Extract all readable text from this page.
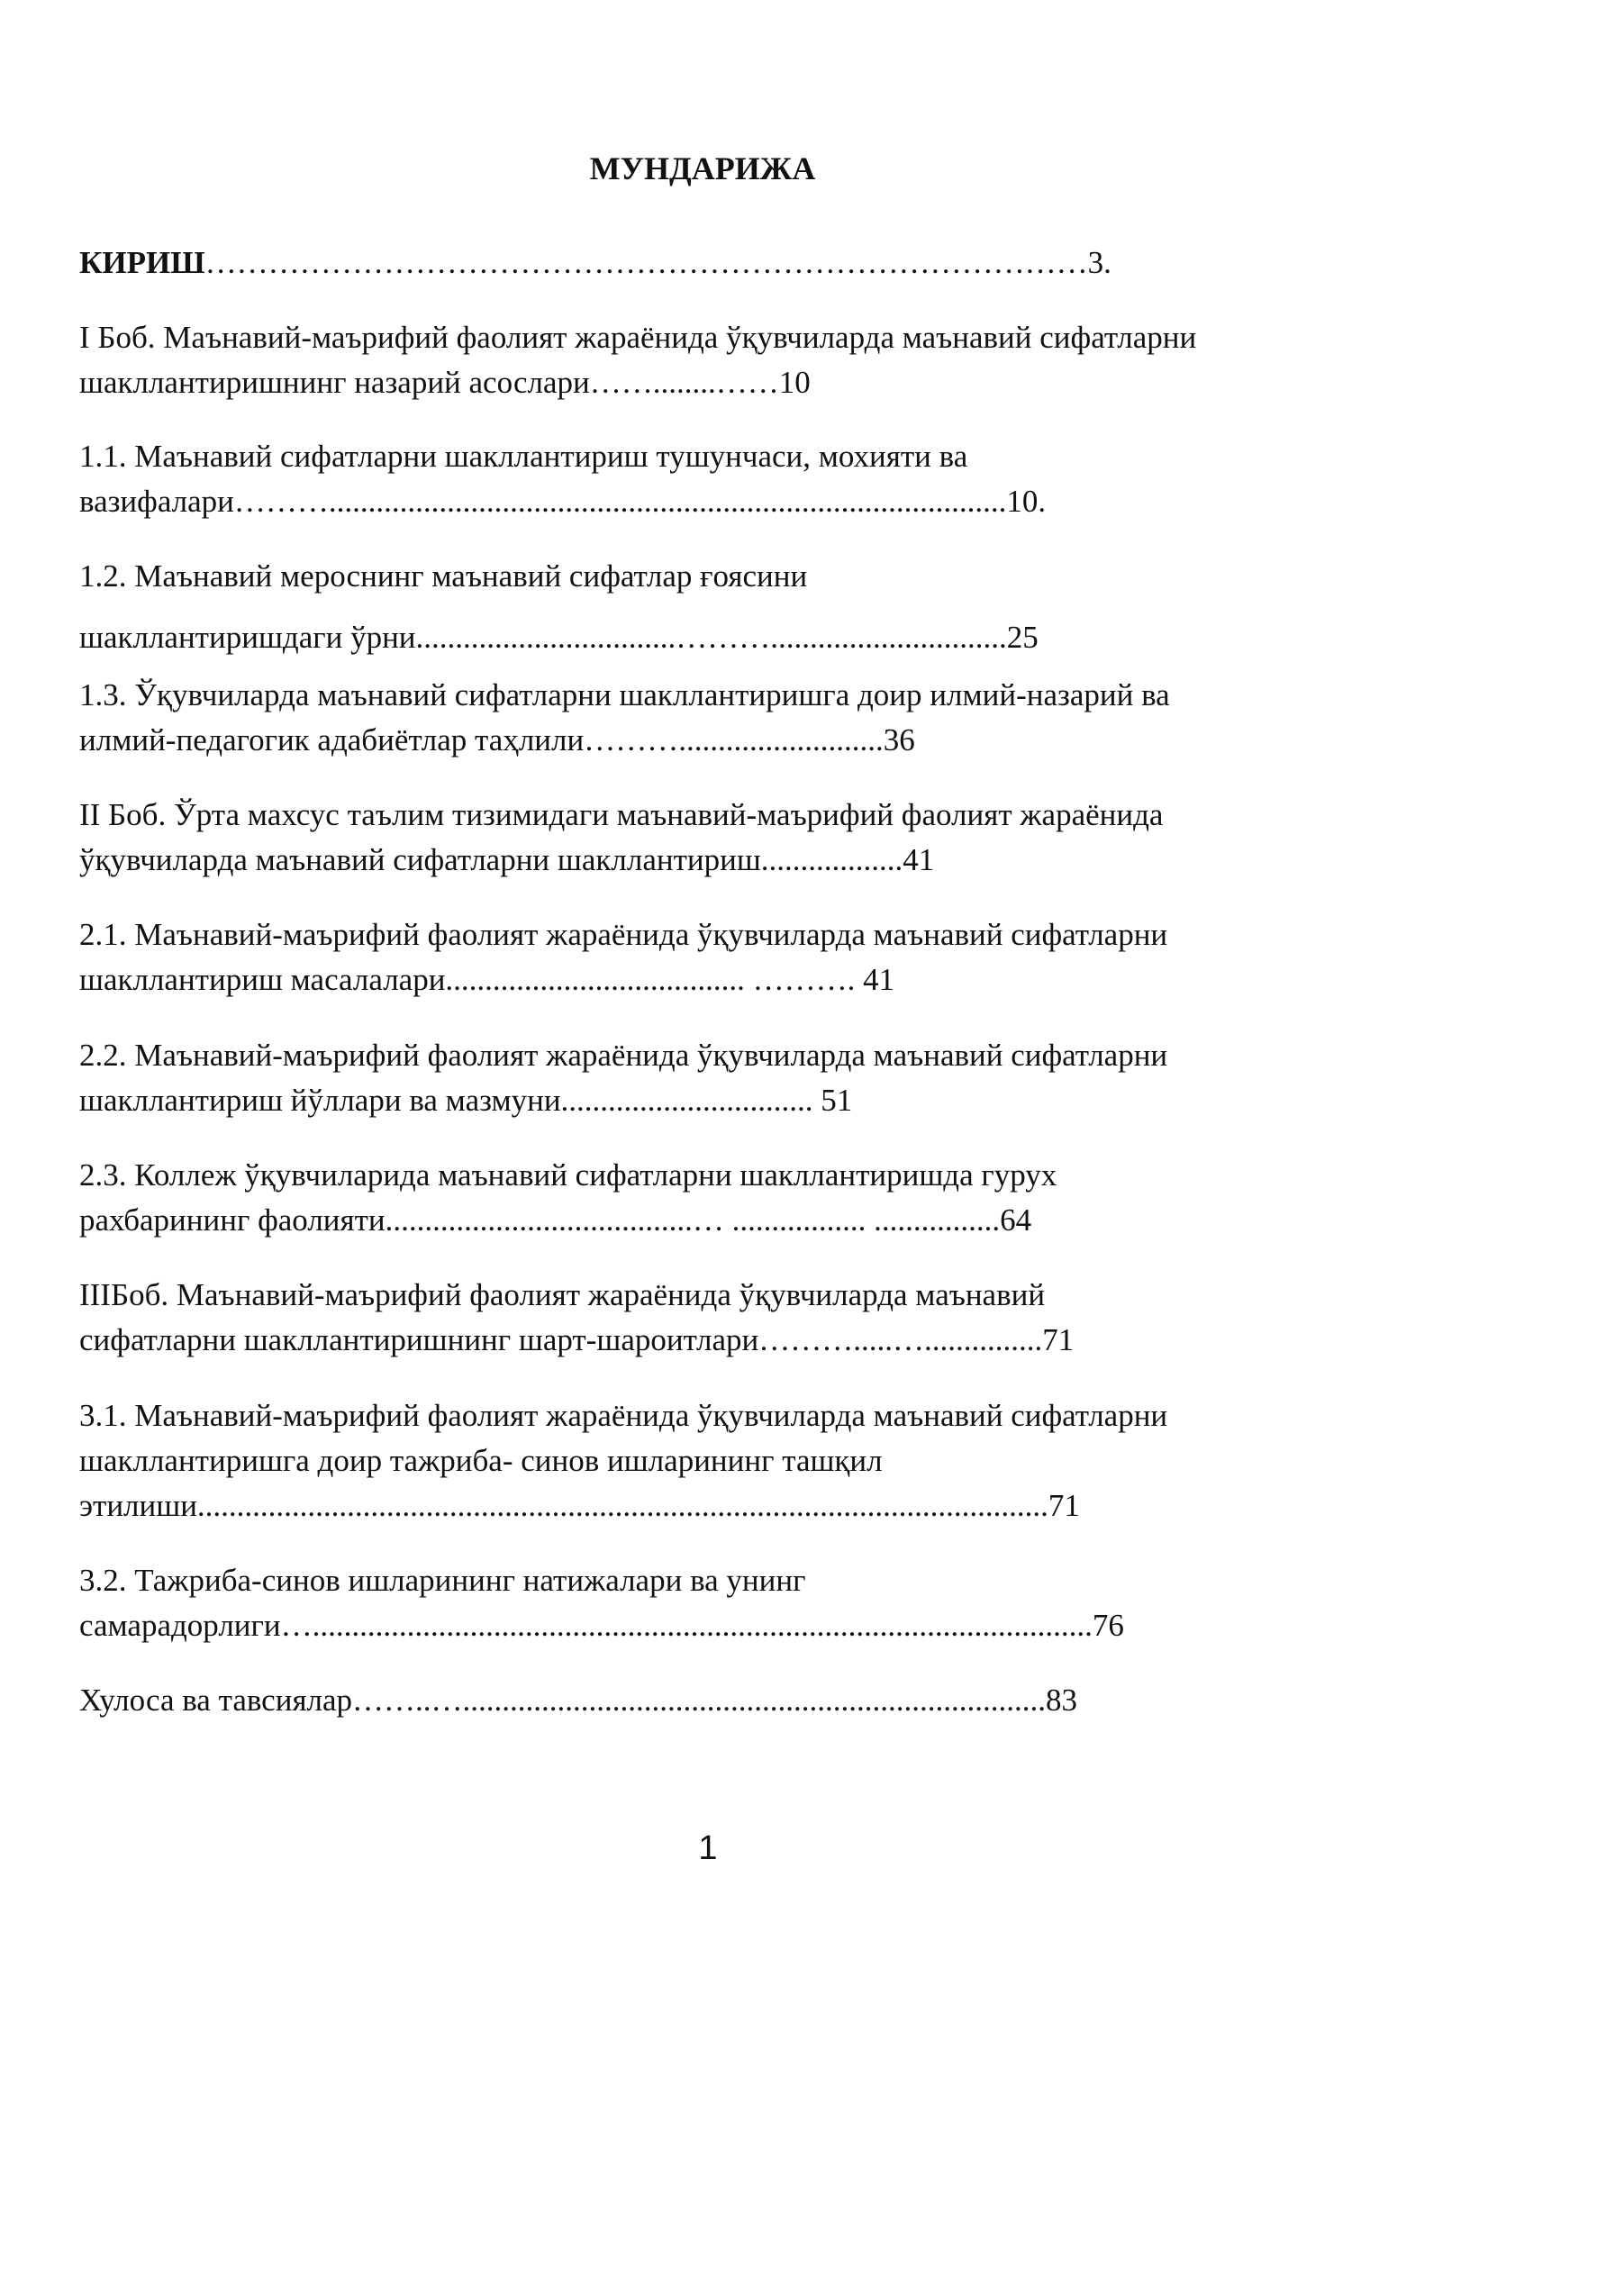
МУНДАРИЖА
КИРИШ…………………………………………………………………………3.
I Боб. Маънавий-маърифий фаолият жараёнида ўқувчиларда маънавий сифатларни
шакллантиришнинг назарий асослари……........……10
1.1. Маънавий сифатларни шакллантириш тушунчаси, мохияти ва
вазифалари………......................................................................................10.
1.2. Маънавий мероснинг маънавий сифатлар ғоясини
шакллантиришдаги ўрни.................................………..............................25
1.3. Ўқувчиларда маънавий сифатларни шакллантиришга доир илмий-назарий ва
илмий-педагогик адабиётлар таҳлили………..........................36
II Боб. Ўрта махсус таълим тизимидаги маънавий-маърифий фаолият жараёнида
ўқувчиларда маънавий сифатларни шакллантириш..................41
2.1. Маънавий-маърифий фаолият жараёнида ўқувчиларда маънавий сифатларни
шакллантириш масалалари...................................... ………. 41
2.2. Маънавий-маърифий фаолият жараёнида ўқувчиларда маънавий сифатларни
шакллантириш йўллари ва мазмуни................................ 51
2.3. Коллеж ўқувчиларида маънавий сифатларни шакллантиришда гурух
рахбарининг фаолияти.......................................… ................. ................64
IIIБоб. Маънавий-маърифий фаолият жараёнида ўқувчиларда маънавий
сифатларни шакллантиришнинг шарт-шароитлари……….....…...............71
3.1. Маънавий-маърифий фаолият жараёнида ўқувчиларда маънавий сифатларни
шакллантиришга доир тажриба- синов ишларининг ташқил
этилиши............................................................................................................71
3.2. Тажриба-синов ишларининг натижалари ва унинг
самарадорлиги…...................................................................................................76
Хулоса ва тавсиялар……..…..........................................................................83
1
